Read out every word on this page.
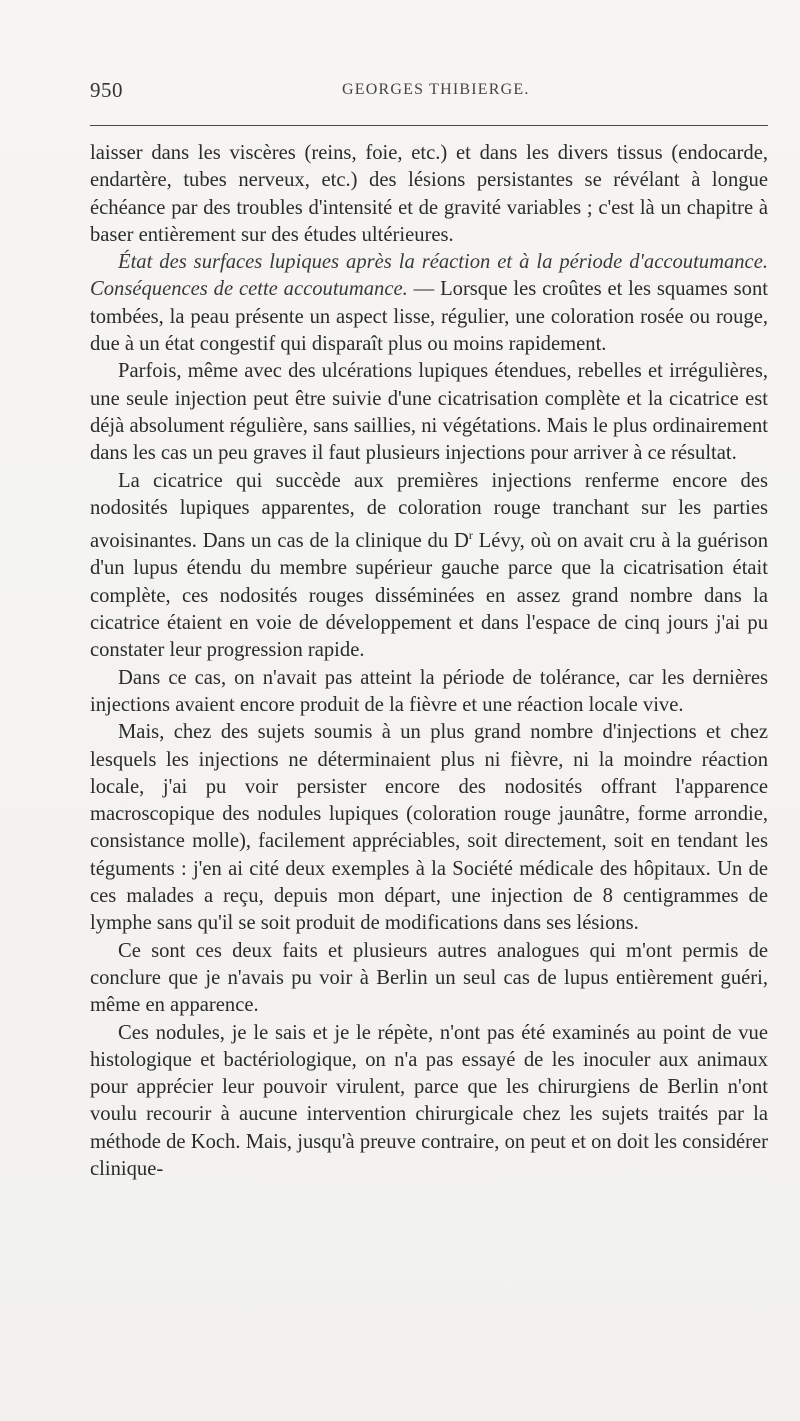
950	GEORGES THIBIERGE.

laisser dans les viscères (reins, foie, etc.) et dans les divers tissus (endocarde, endartère, tubes nerveux, etc.) des lésions persistantes se révélant à longue échéance par des troubles d'intensité et de gravité variables ; c'est là un chapitre à baser entièrement sur des études ultérieures.

État des surfaces lupiques après la réaction et à la période d'accoutumance. Conséquences de cette accoutumance. — Lorsque les croûtes et les squames sont tombées, la peau présente un aspect lisse, régulier, une coloration rosée ou rouge, due à un état congestif qui disparaît plus ou moins rapidement.

Parfois, même avec des ulcérations lupiques étendues, rebelles et irrégulières, une seule injection peut être suivie d'une cicatrisation complète et la cicatrice est déjà absolument régulière, sans saillies, ni végétations. Mais le plus ordinairement dans les cas un peu graves il faut plusieurs injections pour arriver à ce résultat.

La cicatrice qui succède aux premières injections renferme encore des nodosités lupiques apparentes, de coloration rouge tranchant sur les parties avoisinantes. Dans un cas de la clinique du $D^r$ Lévy, où on avait cru à la guérison d'un lupus étendu du membre supérieur gauche parce que la cicatrisation était complète, ces nodosités rouges disséminées en assez grand nombre dans la cicatrice étaient en voie de développement et dans l'espace de cinq jours j'ai pu constater leur progression rapide.

Dans ce cas, on n'avait pas atteint la période de tolérance, car les dernières injections avaient encore produit de la fièvre et une réaction locale vive.

Mais, chez des sujets soumis à un plus grand nombre d'injections et chez lesquels les injections ne déterminaient plus ni fièvre, ni la moindre réaction locale, j'ai pu voir persister encore des nodosités offrant l'apparence macroscopique des nodules lupiques (coloration rouge jaunâtre, forme arrondie, consistance molle), facilement appréciables, soit directement, soit en tendant les téguments : j'en ai cité deux exemples à la Société médicale des hôpitaux. Un de ces malades a reçu, depuis mon départ, une injection de 8 centigrammes de lymphe sans qu'il se soit produit de modifications dans ses lésions.

Ce sont ces deux faits et plusieurs autres analogues qui m'ont permis de conclure que je n'avais pu voir à Berlin un seul cas de lupus entièrement guéri, même en apparence.

Ces nodules, je le sais et je le répète, n'ont pas été examinés au point de vue histologique et bactériologique, on n'a pas essayé de les inoculer aux animaux pour apprécier leur pouvoir virulent, parce que les chirurgiens de Berlin n'ont voulu recourir à aucune intervention chirurgicale chez les sujets traités par la méthode de Koch. Mais, jusqu'à preuve contraire, on peut et on doit les considérer clinique-
